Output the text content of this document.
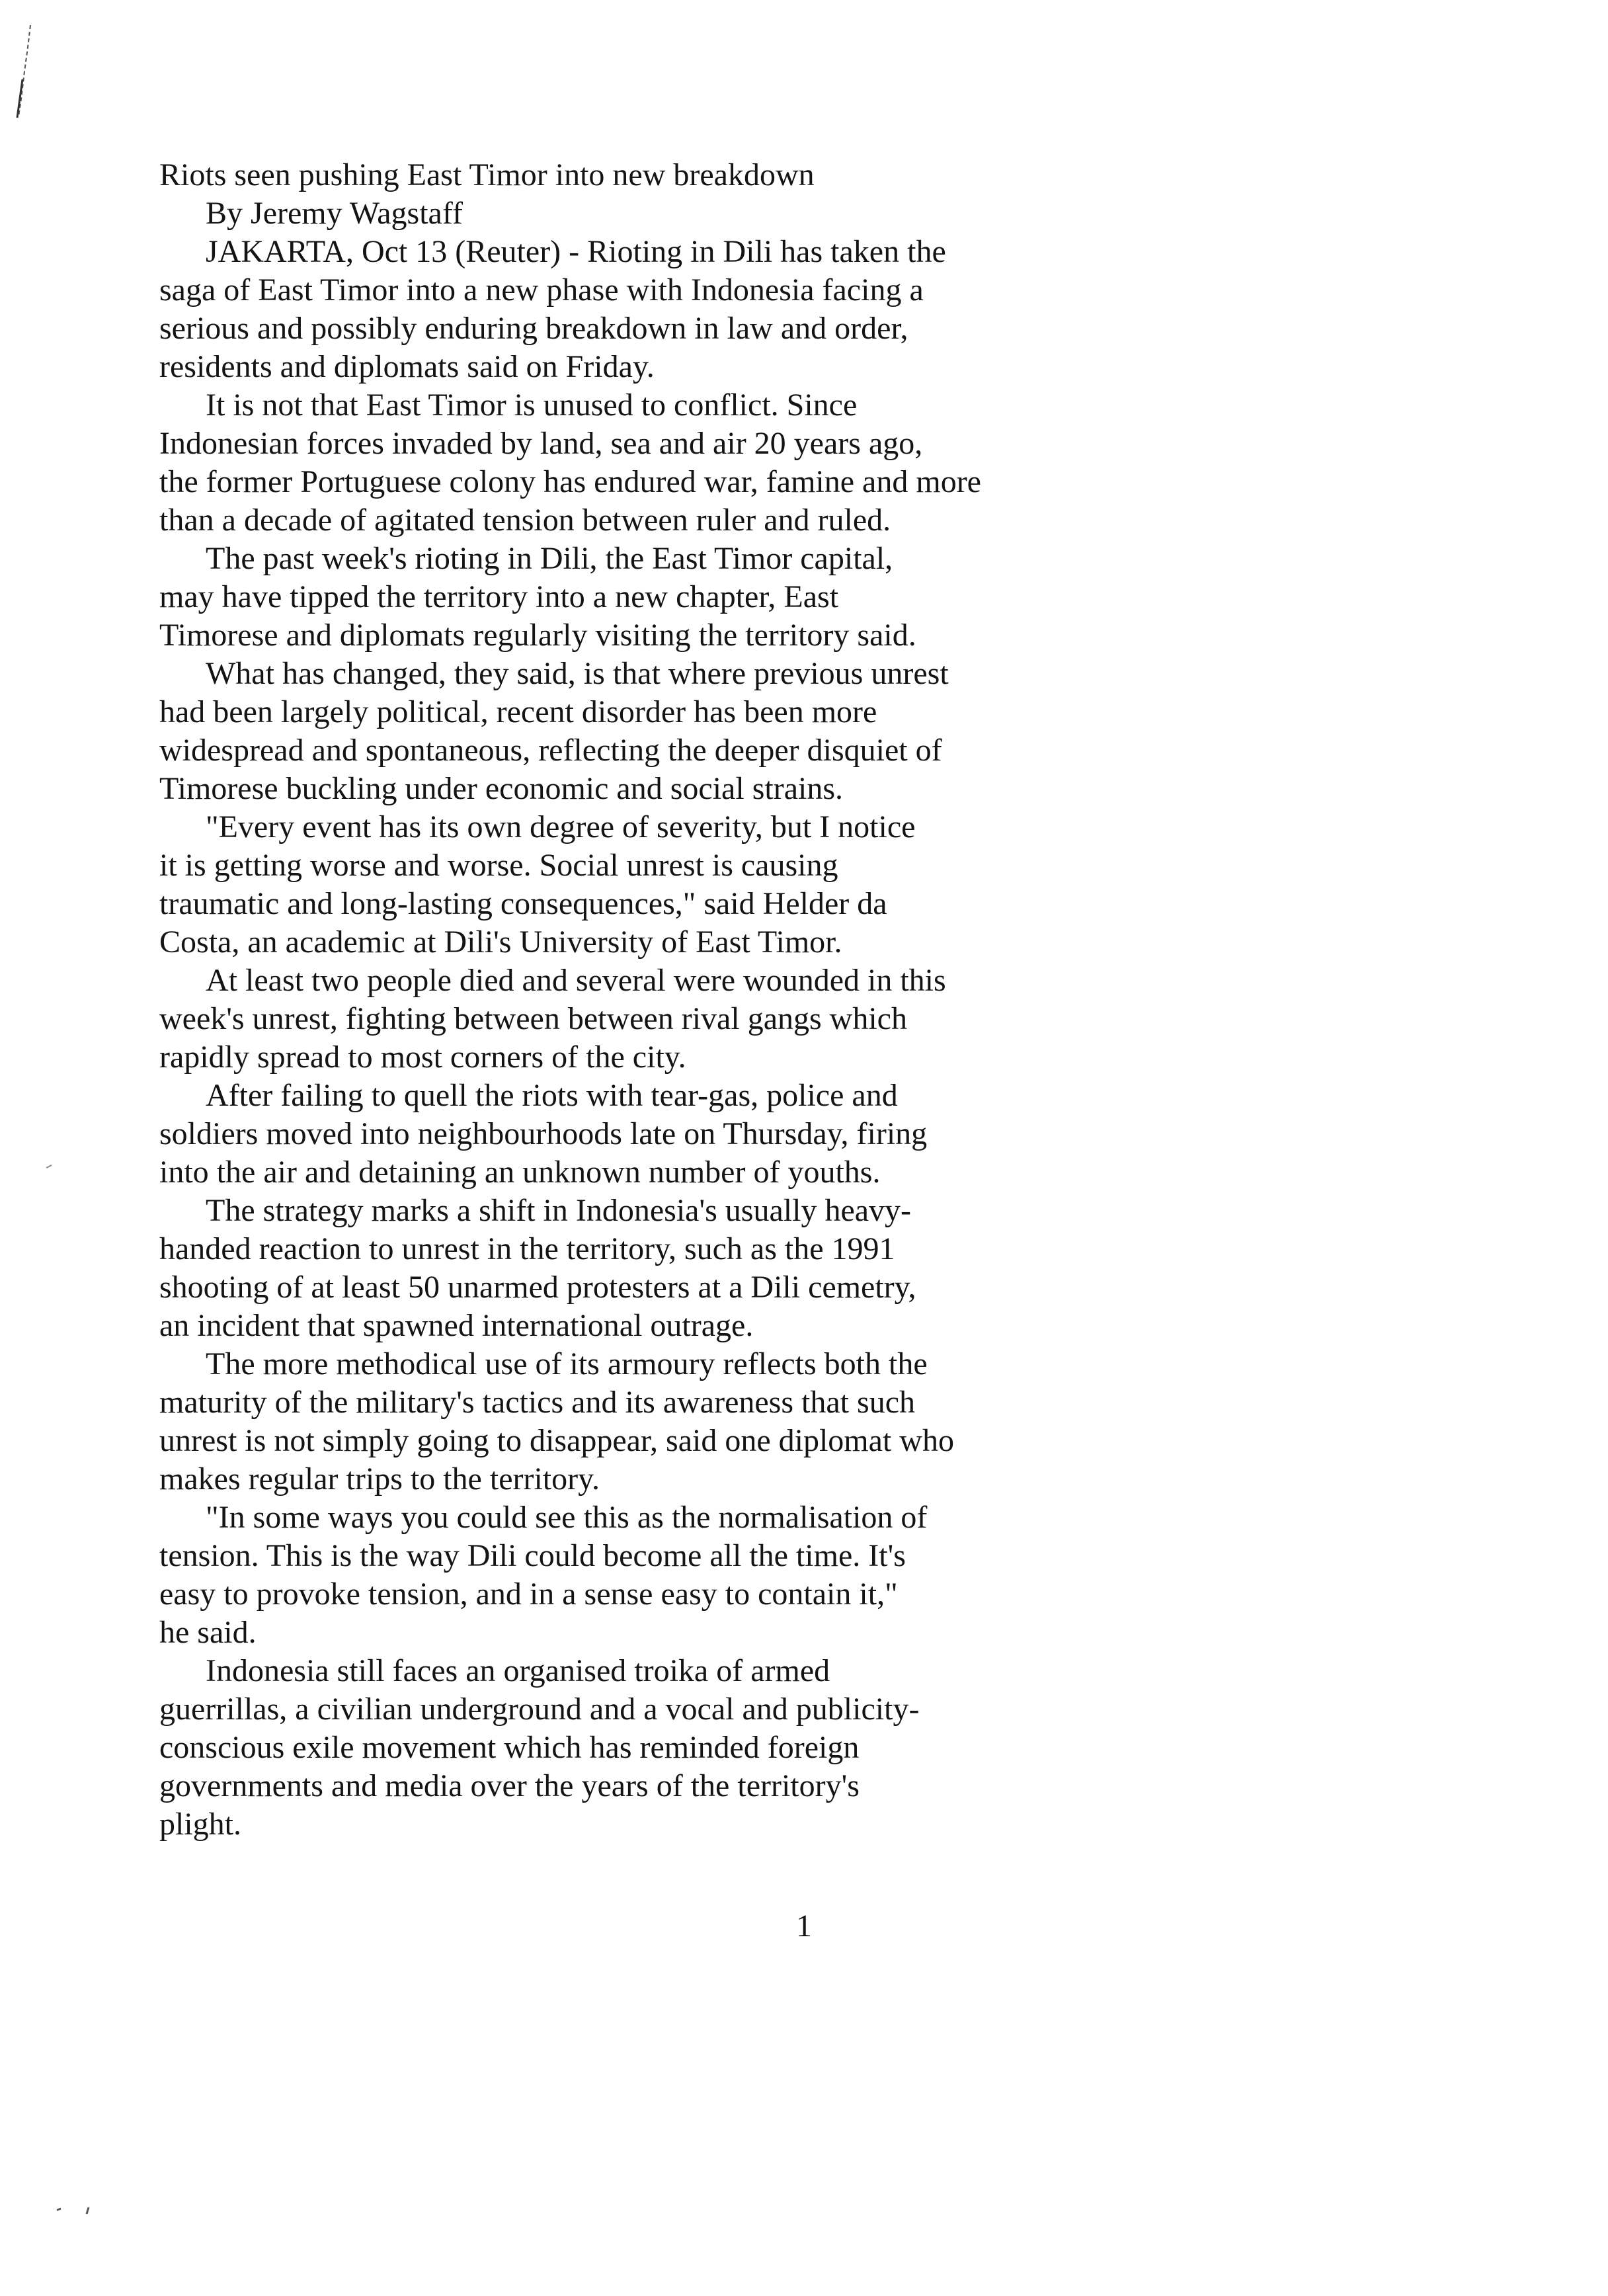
Riots seen pushing East Timor into new breakdown

By Jeremy Wagstaff

JAKARTA, Oct 13 (Reuter) - Rioting in Dili has taken the

saga of East Timor into a new phase with Indonesia facing a

serious and possibly enduring breakdown in law and order,

residents and diplomats said on Friday.

It is not that East Timor is unused to conflict. Since

Indonesian forces invaded by land, sea and air 20 years ago,

the former Portuguese colony has endured war, famine and more

than a decade of agitated tension between ruler and ruled.

The past week's rioting in Dili, the East Timor capital,

may have tipped the territory into a new chapter, East

Timorese and diplomats regularly visiting the territory said.

What has changed, they said, is that where previous unrest

had been largely political, recent disorder has been more

widespread and spontaneous, reflecting the deeper disquiet of

Timorese buckling under economic and social strains.

"Every event has its own degree of severity, but I notice

it is getting worse and worse. Social unrest is causing

traumatic and long-lasting consequences," said Helder da

Costa, an academic at Dili's University of East Timor.

At least two people died and several were wounded in this

week's unrest, fighting between between rival gangs which

rapidly spread to most corners of the city.

After failing to quell the riots with tear-gas, police and

soldiers moved into neighbourhoods late on Thursday, firing

into the air and detaining an unknown number of youths.

The strategy marks a shift in Indonesia's usually heavy-

handed reaction to unrest in the territory, such as the 1991

shooting of at least 50 unarmed protesters at a Dili cemetry,

an incident that spawned international outrage.

The more methodical use of its armoury reflects both the

maturity of the military's tactics and its awareness that such

unrest is not simply going to disappear, said one diplomat who

makes regular trips to the territory.

"In some ways you could see this as the normalisation of

tension. This is the way Dili could become all the time. It's

easy to provoke tension, and in a sense easy to contain it,"

he said.

Indonesia still faces an organised troika of armed

guerrillas, a civilian underground and a vocal and publicity-

conscious exile movement which has reminded foreign

governments and media over the years of the territory's

plight.

1
